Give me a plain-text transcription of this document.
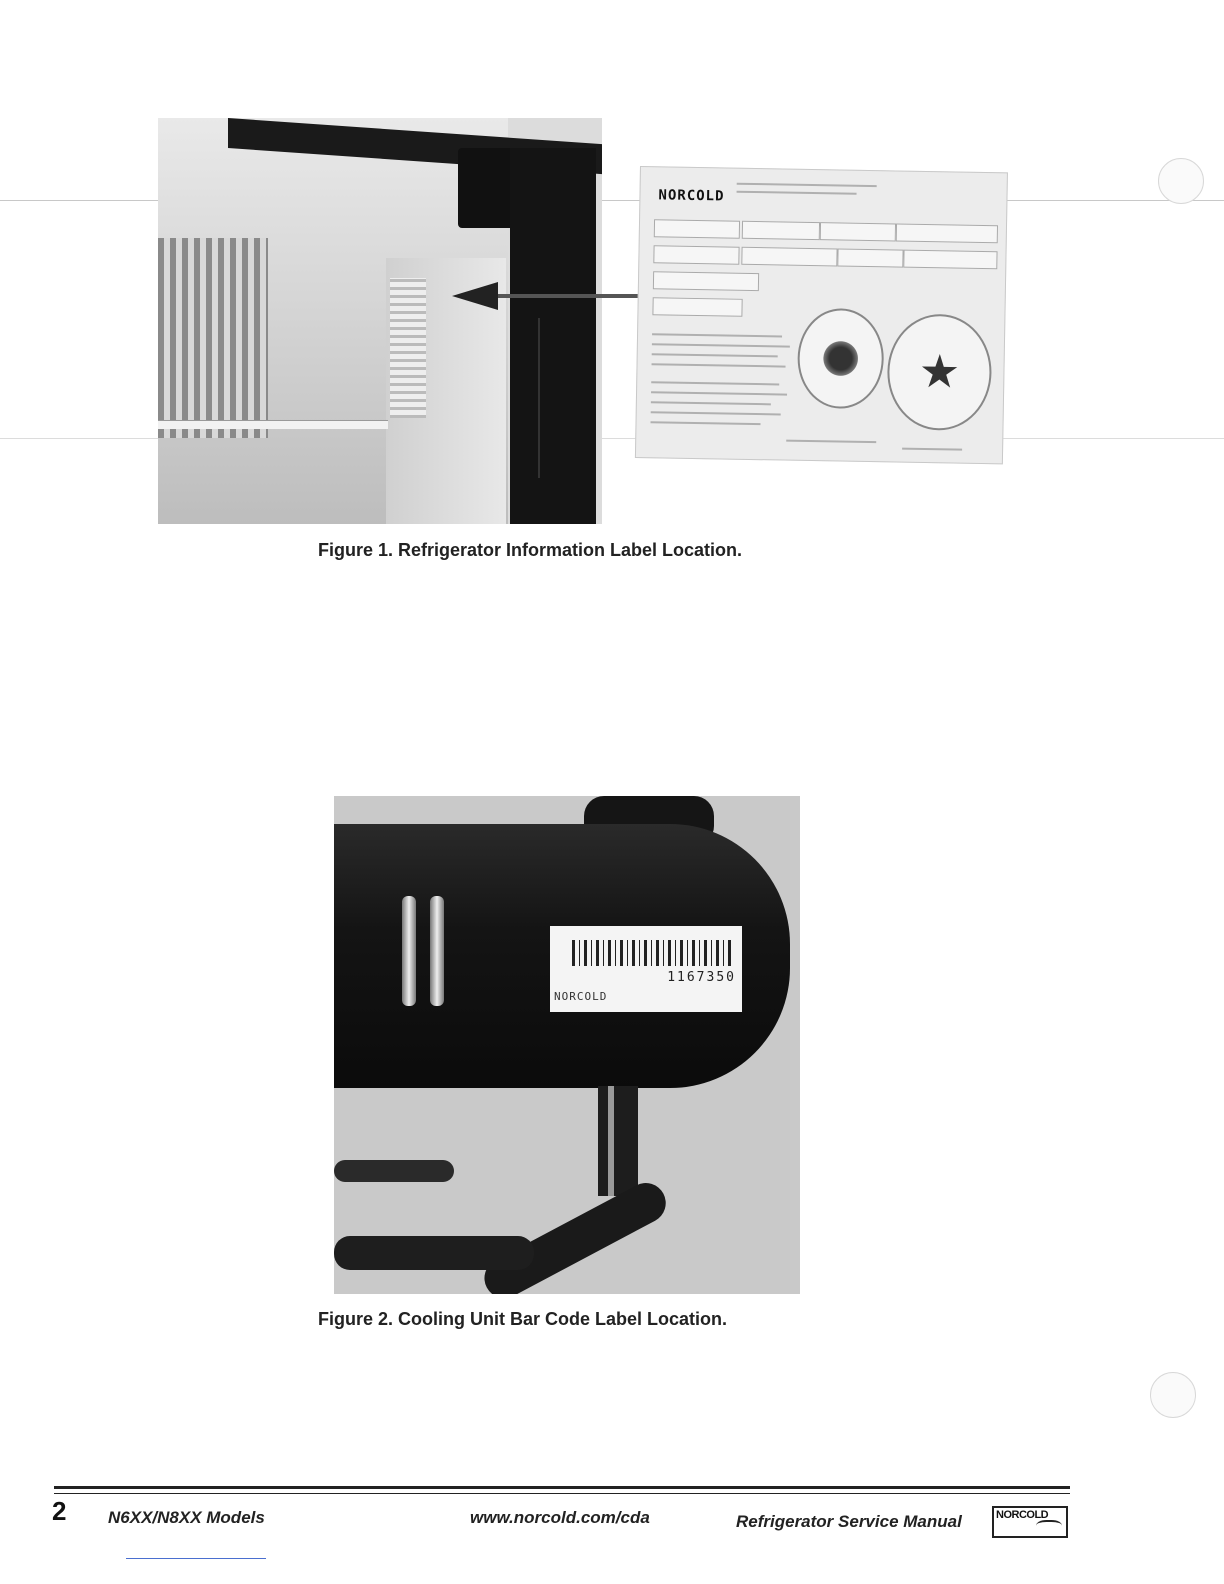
NORCOLD
★
Figure 1. Refrigerator Information Label Location.
1167350
NORCOLD
Figure 2. Cooling Unit Bar Code Label Location.
2 N6XX/N8XX Models	www.norcold.com/cda	Refrigerator Service Manual	NORCOLD
